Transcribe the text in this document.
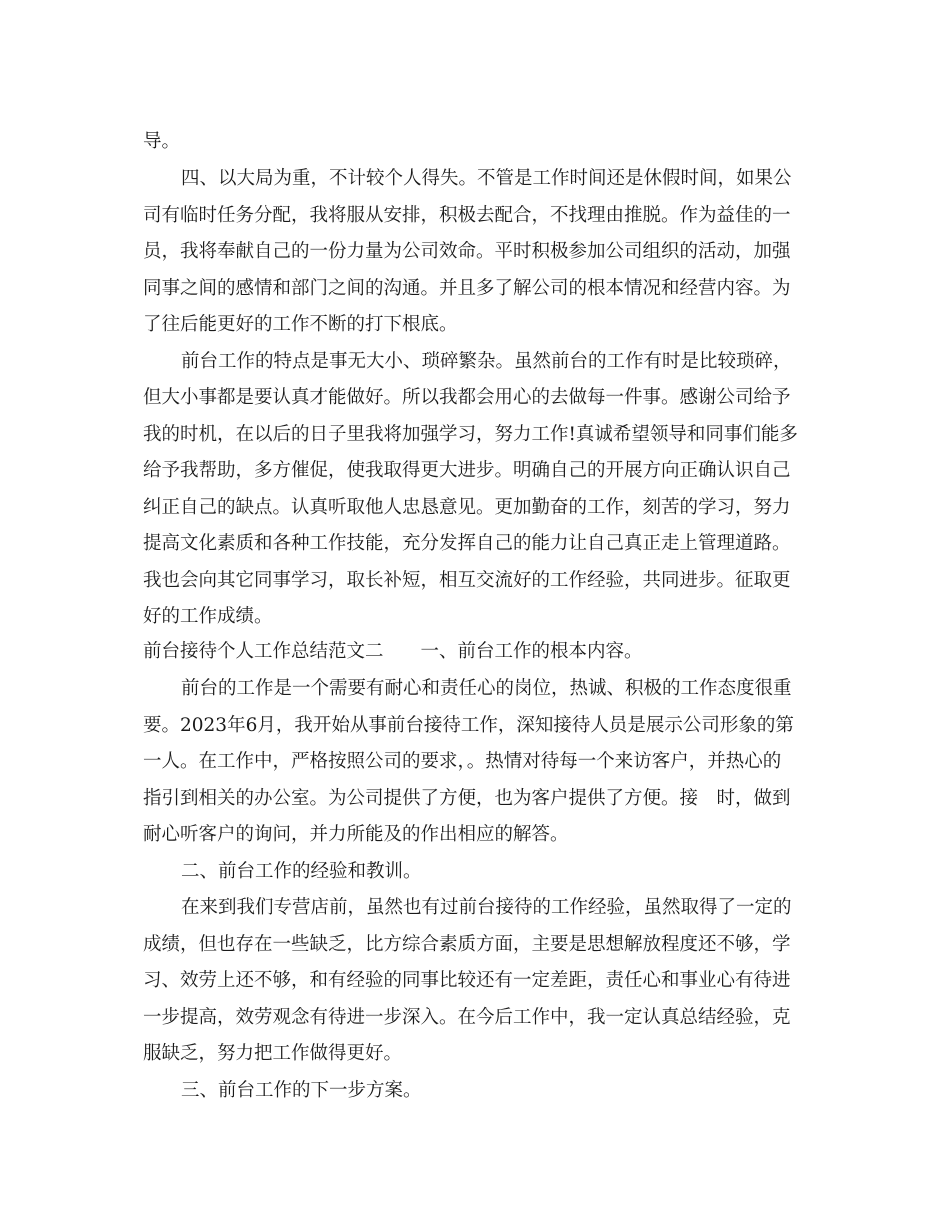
导。

四、以大局为重，不计较个人得失。不管是工作时间还是休假时间，如果公

司有临时任务分配，我将服从安排，积极去配合，不找理由推脱。作为益佳的一

员，我将奉献自己的一份力量为公司效命。平时积极参加公司组织的活动，加强

同事之间的感情和部门之间的沟通。并且多了解公司的根本情况和经营内容。为

了往后能更好的工作不断的打下根底。

前台工作的特点是事无大小、琐碎繁杂。虽然前台的工作有时是比较琐碎，

但大小事都是要认真才能做好。所以我都会用心的去做每一件事。感谢公司给予

我的时机，在以后的日子里我将加强学习，努力工作!真诚希望领导和同事们能多

给予我帮助，多方催促，使我取得更大进步。明确自己的开展方向正确认识自己

纠正自己的缺点。认真听取他人忠恳意见。更加勤奋的工作，刻苦的学习，努力

提高文化素质和各种工作技能，充分发挥自己的能力让自己真正走上管理道路。

我也会向其它同事学习，取长补短，相互交流好的工作经验，共同进步。征取更

好的工作成绩。

前台接待个人工作总结范文二　　一、前台工作的根本内容。

前台的工作是一个需要有耐心和责任心的岗位，热诚、积极的工作态度很重

要。2023年6月，我开始从事前台接待工作，深知接待人员是展示公司形象的第

一人。在工作中，严格按照公司的要求，。热情对待每一个来访客户，并热心的

指引到相关的办公室。为公司提供了方便，也为客户提供了方便。接　时，做到

耐心听客户的询问，并力所能及的作出相应的解答。

二、前台工作的经验和教训。

在来到我们专营店前，虽然也有过前台接待的工作经验，虽然取得了一定的

成绩，但也存在一些缺乏，比方综合素质方面，主要是思想解放程度还不够，学

习、效劳上还不够，和有经验的同事比较还有一定差距，责任心和事业心有待进

一步提高，效劳观念有待进一步深入。在今后工作中，我一定认真总结经验，克

服缺乏，努力把工作做得更好。

三、前台工作的下一步方案。
